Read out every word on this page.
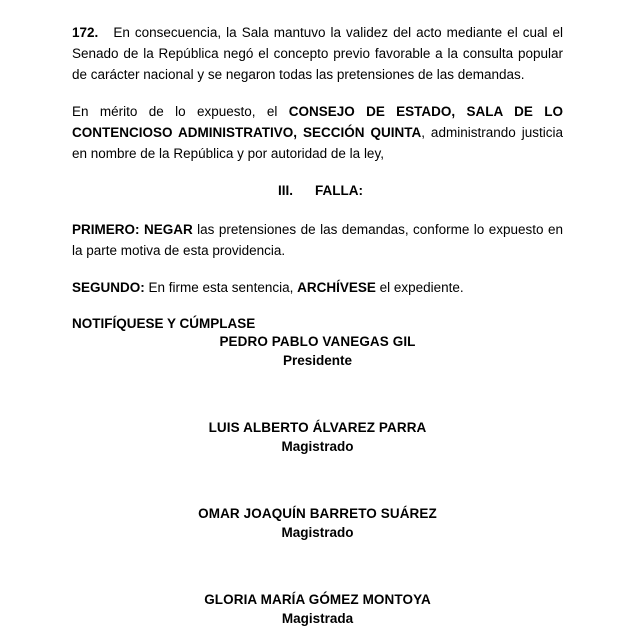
172. En consecuencia, la Sala mantuvo la validez del acto mediante el cual el Senado de la República negó el concepto previo favorable a la consulta popular de carácter nacional y se negaron todas las pretensiones de las demandas.

En mérito de lo expuesto, el CONSEJO DE ESTADO, SALA DE LO CONTENCIOSO ADMINISTRATIVO, SECCIÓN QUINTA, administrando justicia en nombre de la República y por autoridad de la ley,

III. FALLA:

PRIMERO: NEGAR las pretensiones de las demandas, conforme lo expuesto en la parte motiva de esta providencia.

SEGUNDO: En firme esta sentencia, ARCHÍVESE el expediente.

NOTIFÍQUESE Y CÚMPLASE

PEDRO PABLO VANEGAS GIL
Presidente
LUIS ALBERTO ÁLVAREZ PARRA
Magistrado
OMAR JOAQUÍN BARRETO SUÁREZ
Magistrado
GLORIA MARÍA GÓMEZ MONTOYA
Magistrada
